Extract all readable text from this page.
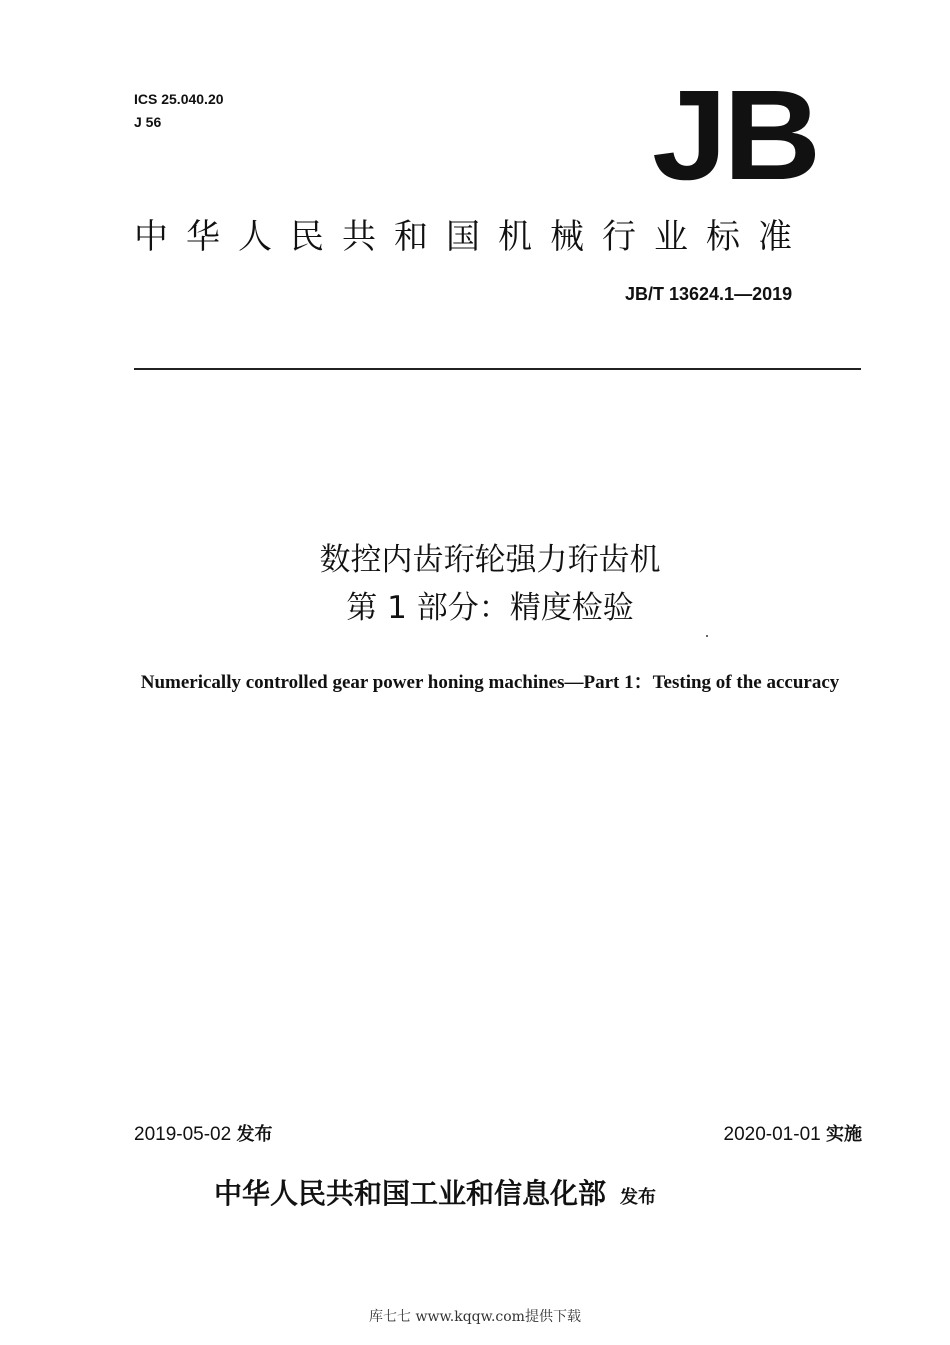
ICS 25.040.20
J 56	JB
中华人民共和国机械行业标准
JB/T 13624.1—2019
数控内齿珩轮强力珩齿机
第 1 部分：精度检验
Numerically controlled gear power honing machines—Part 1：Testing of the accuracy
2019-05-02 发布	2020-01-01 实施
中华人民共和国工业和信息化部 发布
库七七 www.kqqw.com提供下载
